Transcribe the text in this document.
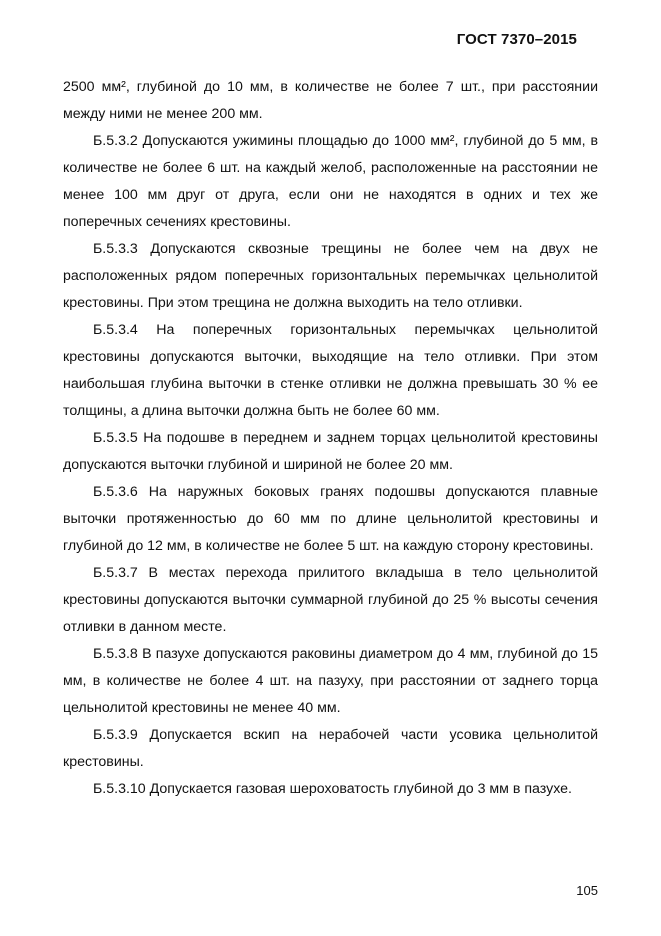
ГОСТ 7370–2015

2500 мм², глубиной до 10 мм, в количестве не более 7 шт., при расстоянии между ними не менее 200 мм.

Б.5.3.2 Допускаются ужимины площадью до 1000 мм², глубиной до 5 мм, в количестве не более 6 шт. на каждый желоб, расположенные на расстоянии не менее 100 мм друг от друга, если они не находятся в одних и тех же поперечных сечениях крестовины.

Б.5.3.3 Допускаются сквозные трещины не более чем на двух не расположенных рядом поперечных горизонтальных перемычках цельнолитой крестовины. При этом трещина не должна выходить на тело отливки.

Б.5.3.4 На поперечных горизонтальных перемычках цельнолитой крестовины допускаются выточки, выходящие на тело отливки. При этом наибольшая глубина выточки в стенке отливки не должна превышать 30 % ее толщины, а длина выточки должна быть не более 60 мм.

Б.5.3.5 На подошве в переднем и заднем торцах цельнолитой крестовины допускаются выточки глубиной и шириной не более 20 мм.

Б.5.3.6 На наружных боковых гранях подошвы допускаются плавные выточки протяженностью до 60 мм по длине цельнолитой крестовины и глубиной до 12 мм, в количестве не более 5 шт. на каждую сторону крестовины.

Б.5.3.7 В местах перехода прилитого вкладыша в тело цельнолитой крестовины допускаются выточки суммарной глубиной до 25 % высоты сечения отливки в данном месте.

Б.5.3.8 В пазухе допускаются раковины диаметром до 4 мм, глубиной до 15 мм, в количестве не более 4 шт. на пазуху, при расстоянии от заднего торца цельнолитой крестовины не менее 40 мм.

Б.5.3.9 Допускается вскип на нерабочей части усовика цельнолитой крестовины.

Б.5.3.10 Допускается газовая шероховатость глубиной до 3 мм в пазухе.

105
